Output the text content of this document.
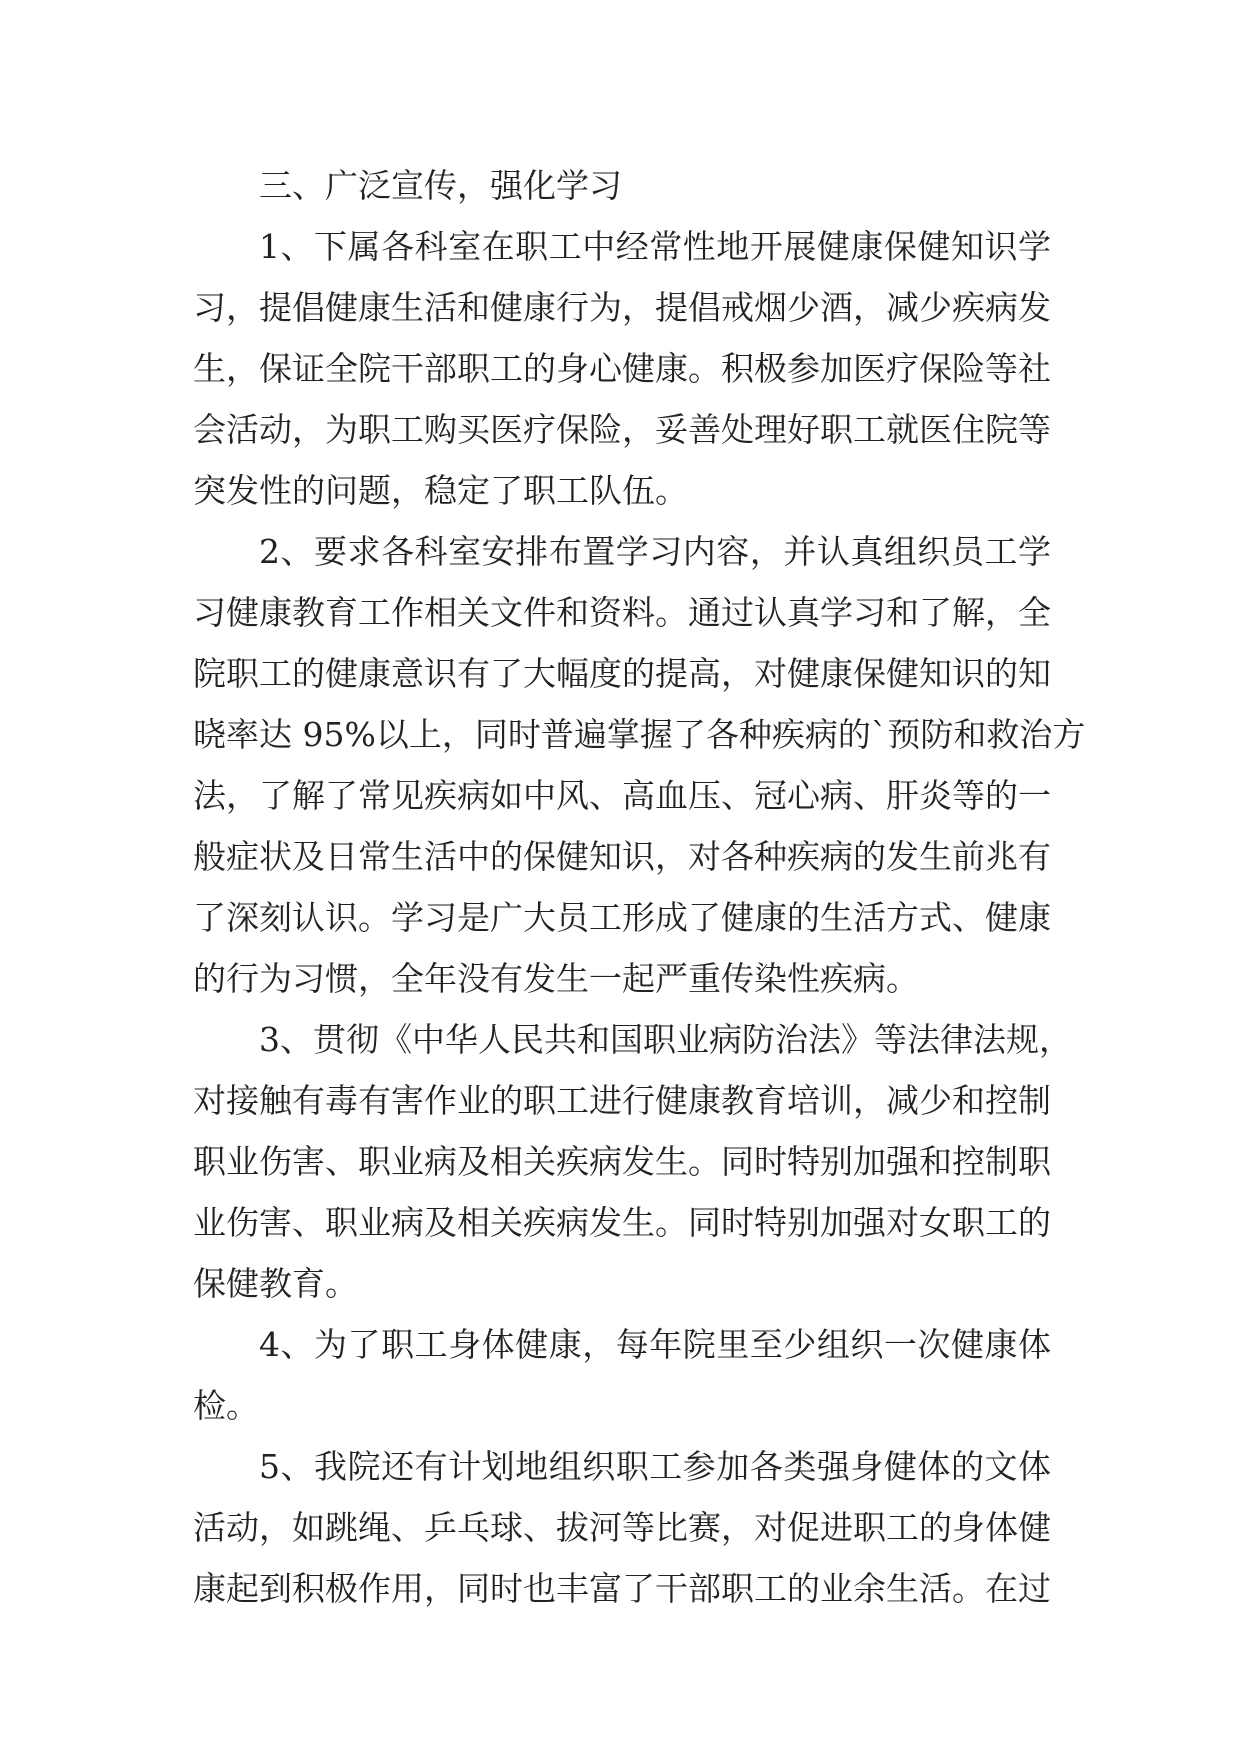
三、广泛宣传，强化学习
1、下属各科室在职工中经常性地开展健康保健知识学
习，提倡健康生活和健康行为，提倡戒烟少酒，减少疾病发
生，保证全院干部职工的身心健康。积极参加医疗保险等社
会活动，为职工购买医疗保险，妥善处理好职工就医住院等
突发性的问题，稳定了职工队伍。
2、要求各科室安排布置学习内容，并认真组织员工学
习健康教育工作相关文件和资料。通过认真学习和了解，全
院职工的健康意识有了大幅度的提高，对健康保健知识的知
晓率达 95%以上，同时普遍掌握了各种疾病的`预防和救治方
法，了解了常见疾病如中风、高血压、冠心病、肝炎等的一
般症状及日常生活中的保健知识，对各种疾病的发生前兆有
了深刻认识。学习是广大员工形成了健康的生活方式、健康
的行为习惯，全年没有发生一起严重传染性疾病。
3、贯彻《中华人民共和国职业病防治法》等法律法规，
对接触有毒有害作业的职工进行健康教育培训，减少和控制
职业伤害、职业病及相关疾病发生。同时特别加强和控制职
业伤害、职业病及相关疾病发生。同时特别加强对女职工的
保健教育。
4、为了职工身体健康，每年院里至少组织一次健康体
检。
5、我院还有计划地组织职工参加各类强身健体的文体
活动，如跳绳、乒乓球、拔河等比赛，对促进职工的身体健
康起到积极作用，同时也丰富了干部职工的业余生活。在过
